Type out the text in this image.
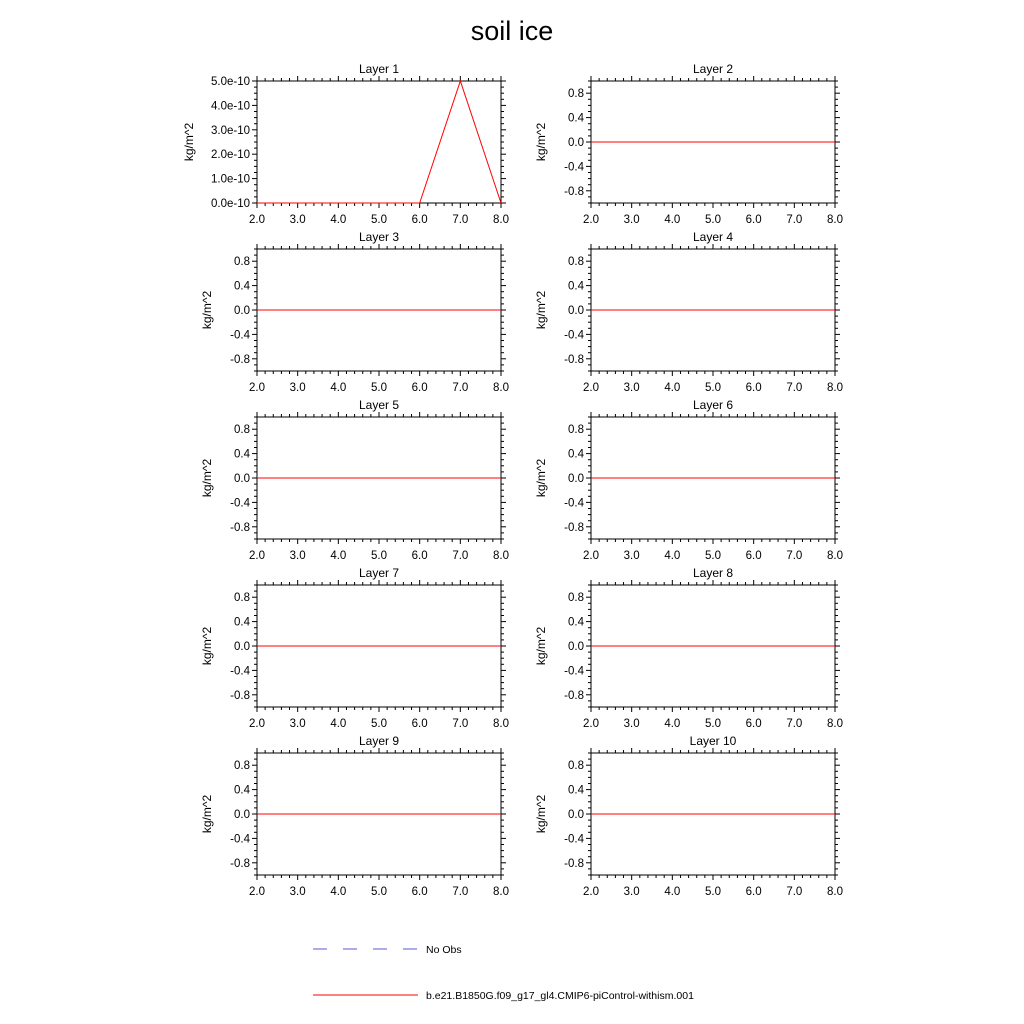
soil ice
Layer 1
2.0 3.0 4.0 5.0 6.0 7.0 8.0
0.0e-10
1.0e-10
2.0e-10
3.0e-10
4.0e-10
5.0e-10
kg/m^2
Layer 2
2.0 3.0 4.0 5.0 6.0 7.0 8.0
-0.8
-0.4
0.0
0.4
0.8
kg/m^2
Layer 3
2.0 3.0 4.0 5.0 6.0 7.0 8.0
-0.8
-0.4
0.0
0.4
0.8
kg/m^2
Layer 4
2.0 3.0 4.0 5.0 6.0 7.0 8.0
-0.8
-0.4
0.0
0.4
0.8
kg/m^2
Layer 5
2.0 3.0 4.0 5.0 6.0 7.0 8.0
-0.8
-0.4
0.0
0.4
0.8
kg/m^2
Layer 6
2.0 3.0 4.0 5.0 6.0 7.0 8.0
-0.8
-0.4
0.0
0.4
0.8
kg/m^2
Layer 7
2.0 3.0 4.0 5.0 6.0 7.0 8.0
-0.8
-0.4
0.0
0.4
0.8
kg/m^2
Layer 8
2.0 3.0 4.0 5.0 6.0 7.0 8.0
-0.8
-0.4
0.0
0.4
0.8
kg/m^2
Layer 9
2.0 3.0 4.0 5.0 6.0 7.0 8.0
-0.8
-0.4
0.0
0.4
0.8
kg/m^2
Layer 10
2.0 3.0 4.0 5.0 6.0 7.0 8.0
-0.8
-0.4
0.0
0.4
0.8
kg/m^2
No Obs
b.e21.B1850G.f09_g17_gl4.CMIP6-piControl-withism.001
